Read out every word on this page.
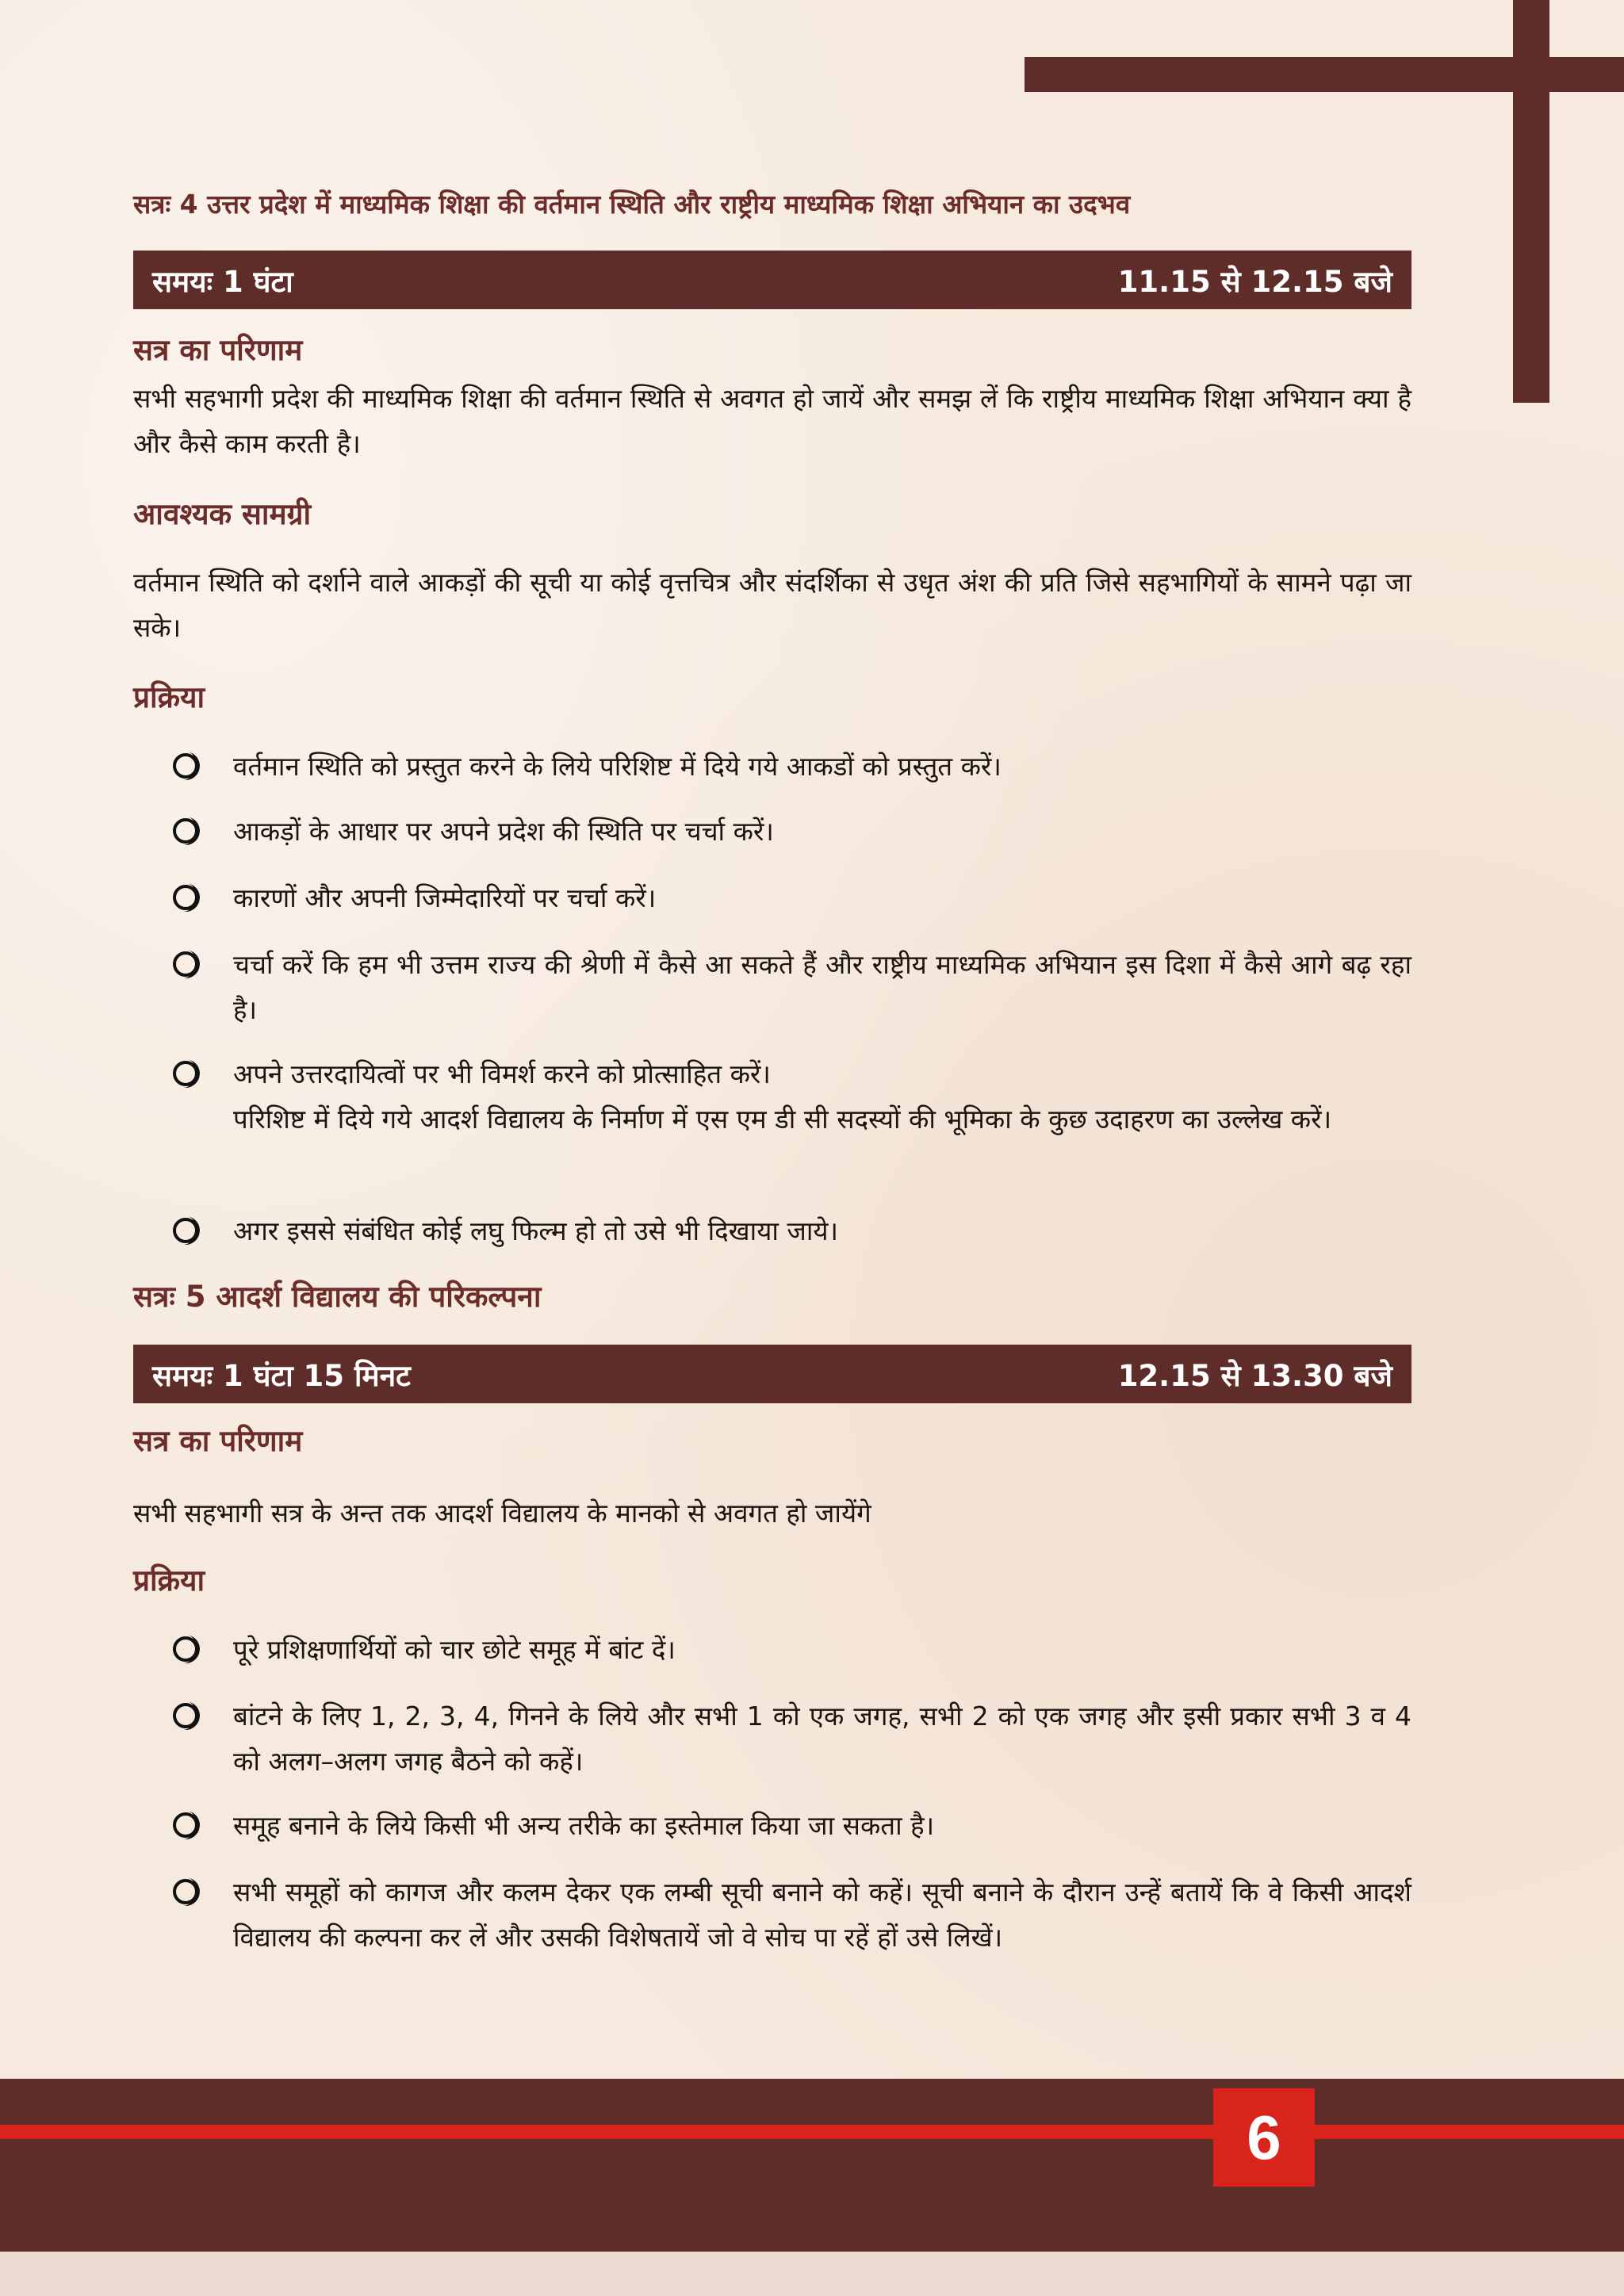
सत्रः 4 उत्तर प्रदेश में माध्यमिक शिक्षा की वर्तमान स्थिति और राष्ट्रीय माध्यमिक शिक्षा अभियान का उदभव
समयः 1 घंटा	11.15 से 12.15 बजे
सत्र का परिणाम
सभी सहभागी प्रदेश की माध्यमिक शिक्षा की वर्तमान स्थिति से अवगत हो जायें और समझ लें कि राष्ट्रीय माध्यमिक शिक्षा अभियान क्या है और कैसे काम करती है।
आवश्यक सामग्री
वर्तमान स्थिति को दर्शाने वाले आकड़ों की सूची या कोई वृत्तचित्र और संदर्शिका से उधृत अंश की प्रति जिसे सहभागियों के सामने पढ़ा जा सके।
प्रक्रिया
वर्तमान स्थिति को प्रस्तुत करने के लिये परिशिष्ट में दिये गये आकडों को प्रस्तुत करें।
आकड़ों के आधार पर अपने प्रदेश की स्थिति पर चर्चा करें।
कारणों और अपनी जिम्मेदारियों पर चर्चा करें।
चर्चा करें कि हम भी उत्तम राज्य की श्रेणी में कैसे आ सकते हैं और राष्ट्रीय माध्यमिक अभियान इस दिशा में कैसे आगे बढ़ रहा है।
अपने उत्तरदायित्वों पर भी विमर्श करने को प्रोत्साहित करें।
परिशिष्ट में दिये गये आदर्श विद्यालय के निर्माण में एस एम डी सी सदस्यों की भूमिका के कुछ उदाहरण का उल्लेख करें।
अगर इससे संबंधित कोई लघु फिल्म हो तो उसे भी दिखाया जाये।
सत्रः 5 आदर्श विद्यालय की परिकल्पना
समयः 1 घंटा 15 मिनट	12.15 से 13.30 बजे
सत्र का परिणाम
सभी सहभागी सत्र के अन्त तक आदर्श विद्यालय के मानको से अवगत हो जायेंगे
प्रक्रिया
पूरे प्रशिक्षणार्थियों को चार छोटे समूह में बांट दें।
बांटने के लिए 1, 2, 3, 4, गिनने के लिये और सभी 1 को एक जगह, सभी 2 को एक जगह और इसी प्रकार सभी 3 व 4 को अलग–अलग जगह बैठने को कहें।
समूह बनाने के लिये किसी भी अन्य तरीके का इस्तेमाल किया जा सकता है।
सभी समूहों को कागज और कलम देकर एक लम्बी सूची बनाने को कहें। सूची बनाने के दौरान उन्हें बतायें कि वे किसी आदर्श विद्यालय की कल्पना कर लें और उसकी विशेषतायें जो वे सोच पा रहें हों उसे लिखें।
6
